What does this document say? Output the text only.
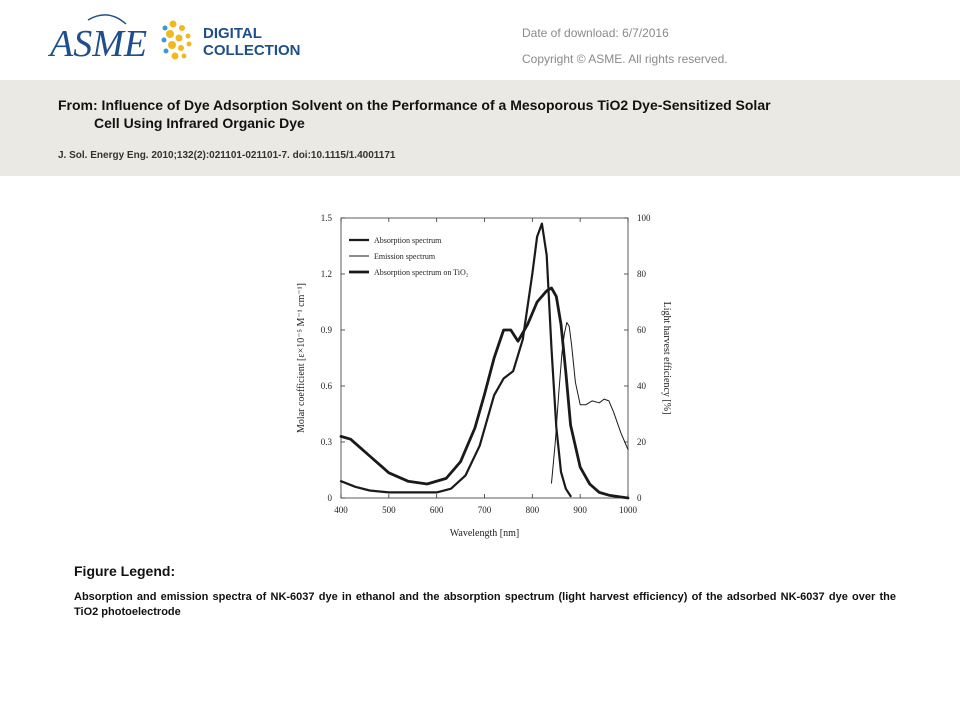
ASME	DIGITAL
COLLECTION
Date of download: 6/7/2016
Copyright © ASME. All rights reserved.
From: Influence of Dye Adsorption Solvent on the Performance of a Mesoporous TiO2 Dye-Sensitized Solar
Cell Using Infrared Organic Dye
J. Sol. Energy Eng. 2010;132(2):021101-021101-7. doi:10.1115/1.4001171
400	500	600	700	800	900	1000
0
0.3
0.6
0.9
1.2
1.5
0
20
40
60
80
100
Wavelength [nm]
Molar coefficient [ε×10⁻⁵ M⁻¹ cm⁻¹]	Light harvest efficiency [%]
Absorption spectrum
Emission spectrum
Absorption spectrum on TiO₂
Figure Legend:
Absorption and emission spectra of NK-6037 dye in ethanol and the absorption spectrum (light harvest efficiency) of the adsorbed NK-6037 dye over the TiO2 photoelectrode
